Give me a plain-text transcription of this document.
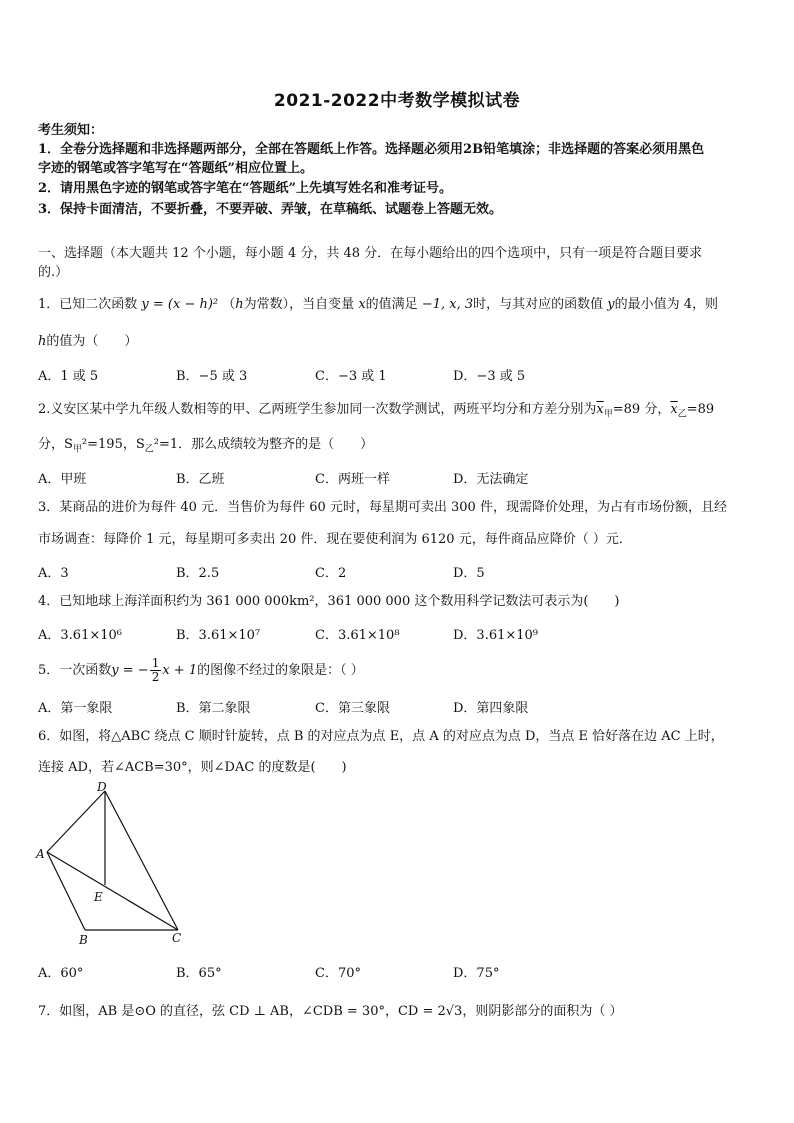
2021-2022中考数学模拟试卷
考生须知：
1．全卷分选择题和非选择题两部分，全部在答题纸上作答。选择题必须用2B铅笔填涂；非选择题的答案必须用黑色
字迹的钢笔或答字笔写在“答题纸”相应位置上。
2．请用黑色字迹的钢笔或答字笔在“答题纸”上先填写姓名和准考证号。
3．保持卡面清洁，不要折叠，不要弄破、弄皱，在草稿纸、试题卷上答题无效。
一、选择题（本大题共 12 个小题，每小题 4 分，共 48 分．在每小题给出的四个选项中，只有一项是符合题目要求
的.）
1．已知二次函数 y = (x − h)² （h为常数），当自变量 x的值满足 −1, x, 3时，与其对应的函数值 y的最小值为 4，则
h的值为（　　）
A．1 或 5	B．−5 或 3	C．−3 或 1	D．−3 或 5
2.义安区某中学九年级人数相等的甲、乙两班学生参加同一次数学测试，两班平均分和方差分别为$\overline{x}_甲=89$ 分，$\overline{x}_乙=89$
分，$S_甲^2=195$，$S_乙^2=1$．那么成绩较为整齐的是（　　）
A．甲班	B．乙班	C．两班一样	D．无法确定
3．某商品的进价为每件 40 元．当售价为每件 60 元时，每星期可卖出 300 件，现需降价处理，为占有市场份额，且经
市场调查：每降价 1 元，每星期可多卖出 20 件．现在要使利润为 6120 元，每件商品应降价（ ）元．
A．3	B．2.5	C．2	D．5
4．已知地球上海洋面积约为 361 000 000km²，361 000 000 这个数用科学记数法可表示为(　　)
A．3.61×10⁶	B．3.61×10⁷	C．3.61×10⁸	D．3.61×10⁹
5．一次函数y = − $\frac{1}{2}$ x + 1的图像不经过的象限是：（ ）
A．第一象限	B．第二象限	C．第三象限	D．第四象限
6．如图，将△ABC 绕点 C 顺时针旋转，点 B 的对应点为点 E，点 A 的对应点为点 D，当点 E 恰好落在边 AC 上时，
连接 AD，若∠ACB=30°，则∠DAC 的度数是(　　)
D
A
E
B	C
A．60°	B．65°	C．70°	D．75°
7．如图，AB 是⊙O 的直径，弦 CD ⊥ AB，∠CDB = 30°，CD = 2√3，则阴影部分的面积为（ ）
